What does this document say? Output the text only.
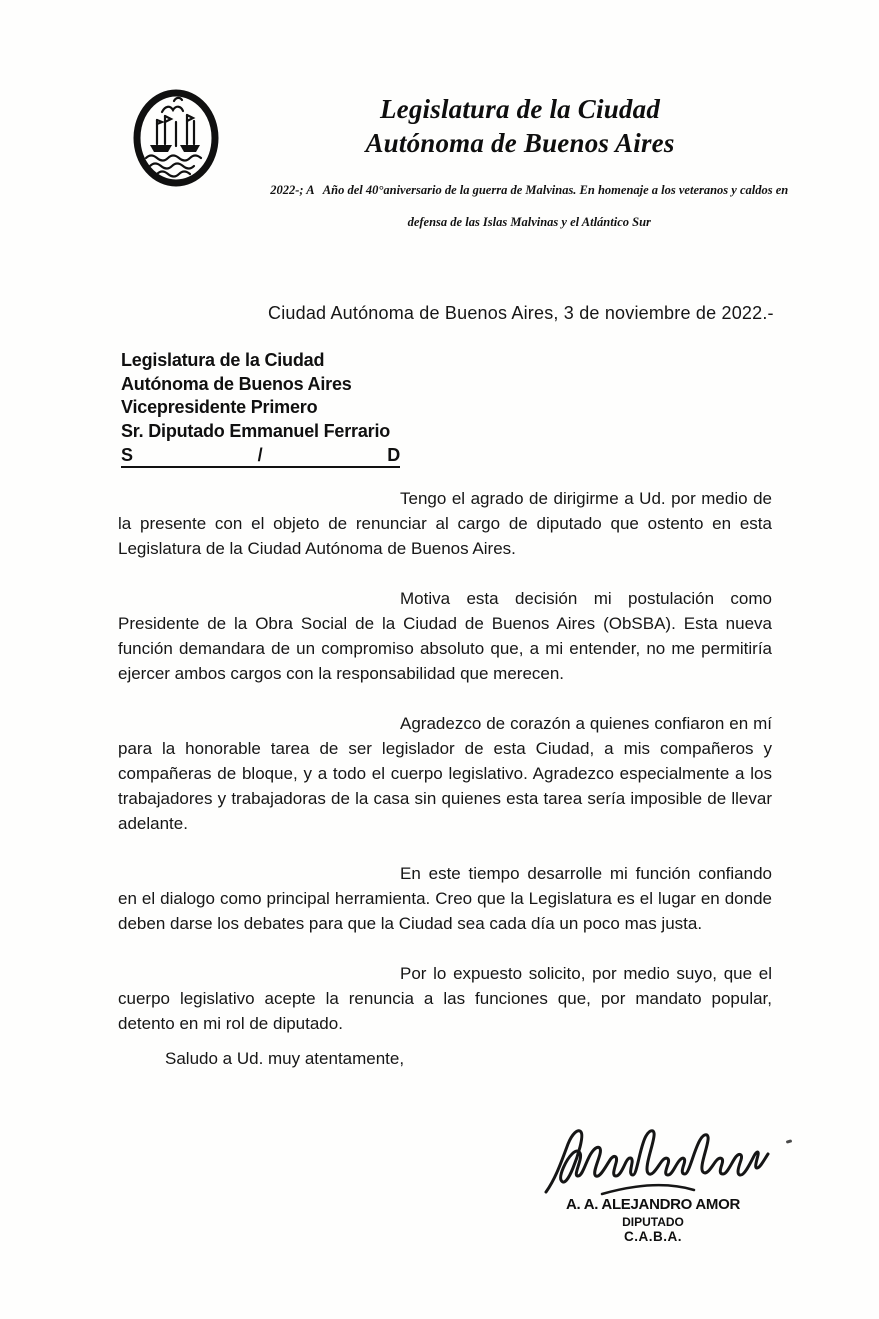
Legislatura de la Ciudad
Autónoma de Buenos Aires

2022-; A   Año del 40°aniversario de la guerra de Malvinas. En homenaje a los veteranos y caldos en

defensa de las Islas Malvinas y el Atlántico Sur

Ciudad Autónoma de Buenos Aires, 3 de noviembre de 2022.-
Legislatura de la Ciudad
Autónoma de Buenos Aires
Vicepresidente Primero
Sr. Diputado Emmanuel Ferrario
S	/	D

Tengo el agrado de dirigirme a Ud. por medio de la presente con el objeto de renunciar al cargo de diputado que ostento en esta Legislatura de la Ciudad Autónoma de Buenos Aires.

Motiva esta decisión mi postulación como Presidente de la Obra Social de la Ciudad de Buenos Aires (ObSBA). Esta nueva función demandara de un compromiso absoluto que, a mi entender, no me permitiría ejercer ambos cargos con la responsabilidad que merecen.

Agradezco de corazón a quienes confiaron en mí para la honorable tarea de ser legislador de esta Ciudad, a mis compañeros y compañeras de bloque, y a todo el cuerpo legislativo. Agradezco especialmente a los trabajadores y trabajadoras de la casa sin quienes esta tarea sería imposible de llevar adelante.

En este tiempo desarrolle mi función confiando en el dialogo como principal herramienta. Creo que la Legislatura es el lugar en donde deben darse los debates para que la Ciudad sea cada día un poco mas justa.

Por lo expuesto solicito, por medio suyo, que el cuerpo legislativo acepte la renuncia a las funciones que, por mandato popular, detento en mi rol de diputado.

Saludo a Ud. muy atentamente,
A. A. ALEJANDRO AMOR
DIPUTADO
C.A.B.A.
